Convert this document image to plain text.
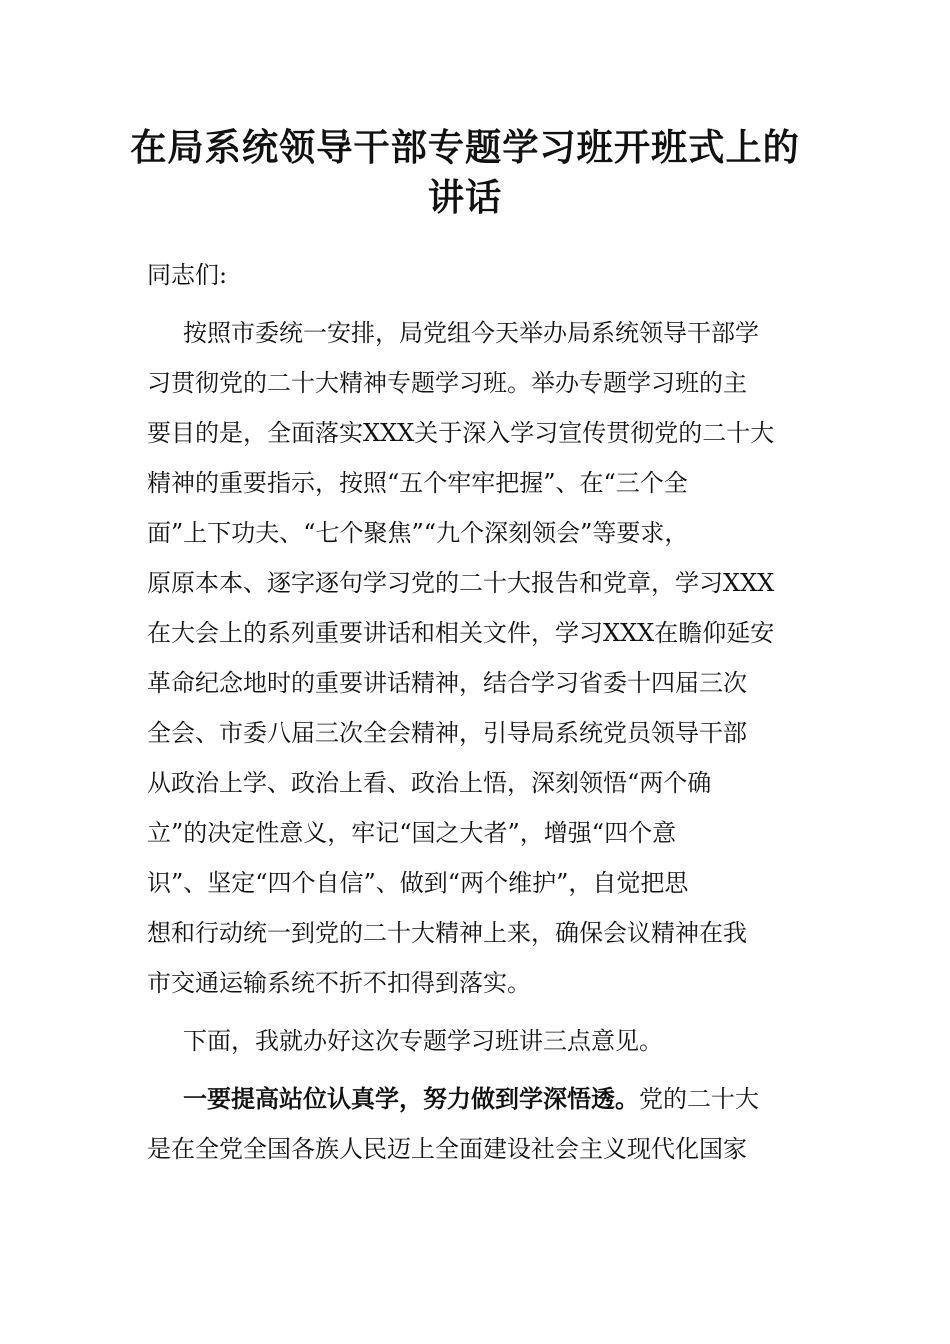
在局系统领导干部专题学习班开班式上的
讲话
同志们:
按照市委统一安排，局党组今天举办局系统领导干部学
习贯彻党的二十大精神专题学习班。举办专题学习班的主
要目的是，全面落实XXX关于深入学习宣传贯彻党的二十大
精神的重要指示，按照“五个牢牢把握”、在“三个全
面”上下功夫、“七个聚焦”“九个深刻领会”等要求，
原原本本、逐字逐句学习党的二十大报告和党章，学习XXX
在大会上的系列重要讲话和相关文件，学习XXX在瞻仰延安
革命纪念地时的重要讲话精神，结合学习省委十四届三次
全会、市委八届三次全会精神，引导局系统党员领导干部
从政治上学、政治上看、政治上悟，深刻领悟“两个确
立”的决定性意义，牢记“国之大者”，增强“四个意
识”、坚定“四个自信”、做到“两个维护”，自觉把思
想和行动统一到党的二十大精神上来，确保会议精神在我
市交通运输系统不折不扣得到落实。
下面，我就办好这次专题学习班讲三点意见。
一要提高站位认真学，努力做到学深悟透。党的二十大
是在全党全国各族人民迈上全面建设社会主义现代化国家
